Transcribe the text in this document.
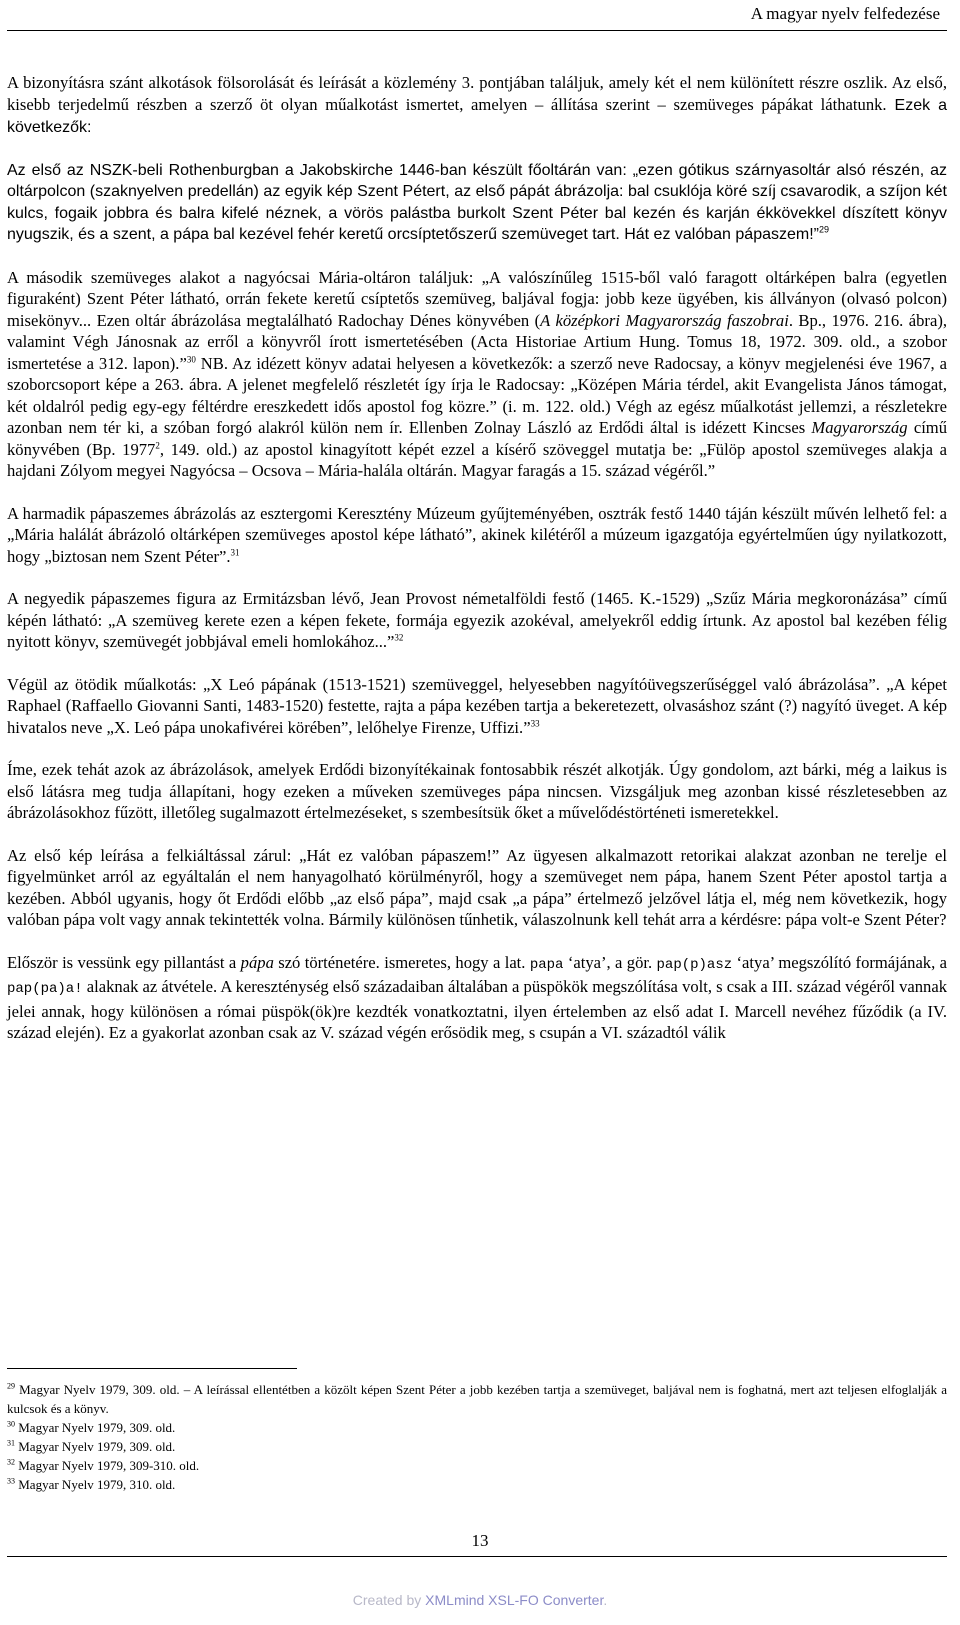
A magyar nyelv felfedezése

A bizonyításra szánt alkotások fölsorolását és leírását a közlemény 3. pontjában találjuk, amely két el nem különített részre oszlik. Az első, kisebb terjedelmű részben a szerző öt olyan műalkotást ismertet, amelyen – állítása szerint – szemüveges pápákat láthatunk. Ezek a következők:

Az első az NSZK-beli Rothenburgban a Jakobskirche 1446-ban készült főoltárán van: „ezen gótikus szárnyasoltár alsó részén, az oltárpolcon (szaknyelven predellán) az egyik kép Szent Pétert, az első pápát ábrázolja: bal csuklója köré szíj csavarodik, a szíjon két kulcs, fogaik jobbra és balra kifelé néznek, a vörös palástba burkolt Szent Péter bal kezén és karján ékkövekkel díszített könyv nyugszik, és a szent, a pápa bal kezével fehér keretű orcsíptetőszerű szemüveget tart. Hát ez valóban pápaszem!”$^{29}$

A második szemüveges alakot a nagyócsai Mária-oltáron találjuk: „A valószínűleg 1515-ből való faragott oltárképen balra (egyetlen figuraként) Szent Péter látható, orrán fekete keretű csíptetős szemüveg, baljával fogja: jobb keze ügyében, kis állványon (olvasó polcon) misekönyv... Ezen oltár ábrázolása megtalálható Radochay Dénes könyvében (A középkori Magyarország faszobrai. Bp., 1976. 216. ábra), valamint Végh Jánosnak az erről a könyvről írott ismertetésében (Acta Historiae Artium Hung. Tomus 18, 1972. 309. old., a szobor ismertetése a 312. lapon).”$^{30}$ NB. Az idézett könyv adatai helyesen a következők: a szerző neve Radocsay, a könyv megjelenési éve 1967, a szoborcsoport képe a 263. ábra. A jelenet megfelelő részletét így írja le Radocsay: „Középen Mária térdel, akit Evangelista János támogat, két oldalról pedig egy-egy féltérdre ereszkedett idős apostol fog közre.” (i. m. 122. old.) Végh az egész műalkotást jellemzi, a részletekre azonban nem tér ki, a szóban forgó alakról külön nem ír. Ellenben Zolnay László az Erdődi által is idézett Kincses Magyarország című könyvében (Bp. 1977$^2$, 149. old.) az apostol kinagyított képét ezzel a kísérő szöveggel mutatja be: „Fülöp apostol szemüveges alakja a hajdani Zólyom megyei Nagyócsa – Ocsova – Mária-halála oltárán. Magyar faragás a 15. század végéről.”

A harmadik pápaszemes ábrázolás az esztergomi Keresztény Múzeum gyűjteményében, osztrák festő 1440 táján készült művén lelhető fel: a „Mária halálát ábrázoló oltárképen szemüveges apostol képe látható”, akinek kilétéről a múzeum igazgatója egyértelműen úgy nyilatkozott, hogy „biztosan nem Szent Péter”.$^{31}$

A negyedik pápaszemes figura az Ermitázsban lévő, Jean Provost németalföldi festő (1465. K.-1529) „Szűz Mária megkoronázása” című képén látható: „A szemüveg kerete ezen a képen fekete, formája egyezik azokéval, amelyekről eddig írtunk. Az apostol bal kezében félig nyitott könyv, szemüvegét jobbjával emeli homlokához...”$^{32}$

Végül az ötödik műalkotás: „X Leó pápának (1513-1521) szemüveggel, helyesebben nagyítóüvegszerűséggel való ábrázolása”. „A képet Raphael (Raffaello Giovanni Santi, 1483-1520) festette, rajta a pápa kezében tartja a bekeretezett, olvasáshoz szánt (?) nagyító üveget. A kép hivatalos neve „X. Leó pápa unokafivérei körében”, lelőhelye Firenze, Uffizi.”$^{33}$

Íme, ezek tehát azok az ábrázolások, amelyek Erdődi bizonyítékainak fontosabbik részét alkotják. Úgy gondolom, azt bárki, még a laikus is első látásra meg tudja állapítani, hogy ezeken a műveken szemüveges pápa nincsen. Vizsgáljuk meg azonban kissé részletesebben az ábrázolásokhoz fűzött, illetőleg sugalmazott értelmezéseket, s szembesítsük őket a művelődéstörténeti ismeretekkel.

Az első kép leírása a felkiáltással zárul: „Hát ez valóban pápaszem!” Az ügyesen alkalmazott retorikai alakzat azonban ne terelje el figyelmünket arról az egyáltalán el nem hanyagolható körülményről, hogy a szemüveget nem pápa, hanem Szent Péter apostol tartja a kezében. Abból ugyanis, hogy őt Erdődi előbb „az első pápa”, majd csak „a pápa” értelmező jelzővel látja el, még nem következik, hogy valóban pápa volt vagy annak tekintették volna. Bármily különösen tűnhetik, válaszolnunk kell tehát arra a kérdésre: pápa volt-e Szent Péter?

Először is vessünk egy pillantást a pápa szó történetére. ismeretes, hogy a lat. papa ‘atya’, a gör. pap(p)asz ‘atya’ megszólító formájának, a pap(pa)a! alaknak az átvétele. A kereszténység első századaiban általában a püspökök megszólítása volt, s csak a III. század végéről vannak jelei annak, hogy különösen a római püspök(ök)re kezdték vonatkoztatni, ilyen értelemben az első adat I. Marcell nevéhez fűződik (a IV. század elején). Ez a gyakorlat azonban csak az V. század végén erősödik meg, s csupán a VI. századtól válik

$^{29}$ Magyar Nyelv 1979, 309. old. – A leírással ellentétben a közölt képen Szent Péter a jobb kezében tartja a szemüveget, baljával nem is foghatná, mert azt teljesen elfoglalják a kulcsok és a könyv.
$^{30}$ Magyar Nyelv 1979, 309. old.
$^{31}$ Magyar Nyelv 1979, 309. old.
$^{32}$ Magyar Nyelv 1979, 309-310. old.
$^{33}$ Magyar Nyelv 1979, 310. old.
13
Created by XMLmind XSL-FO Converter.
